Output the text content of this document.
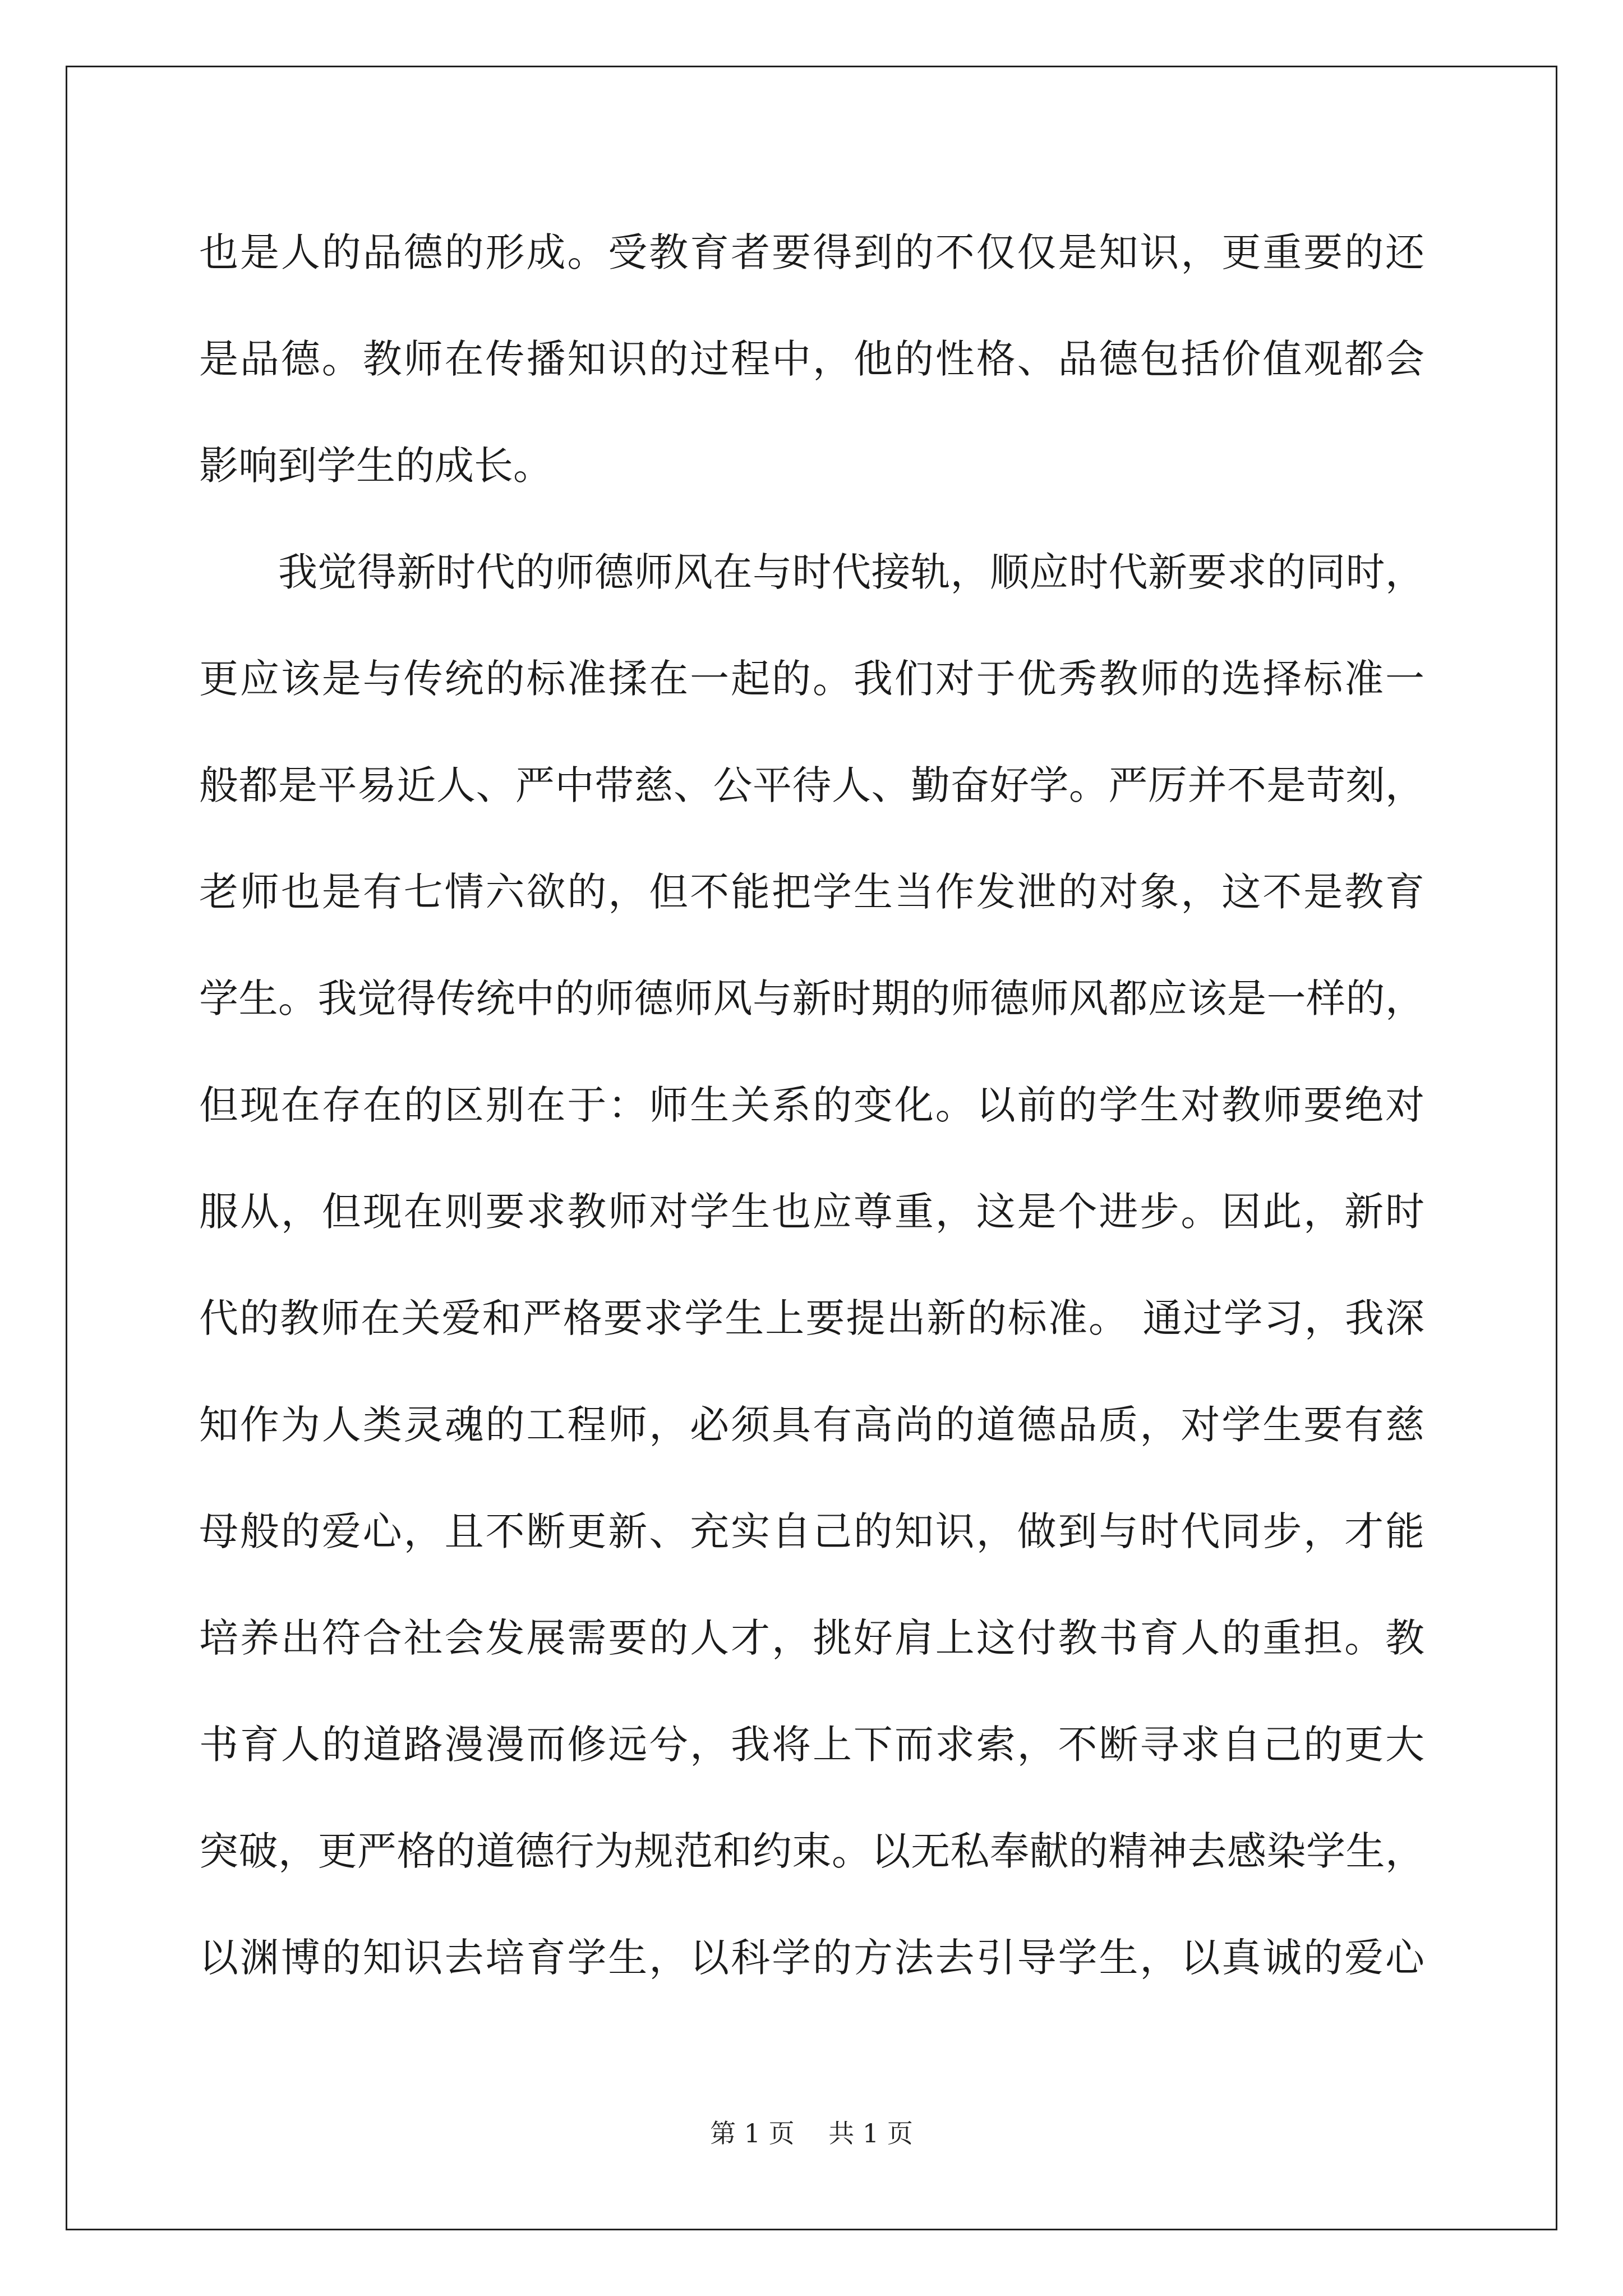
也是人的品德的形成。受教育者要得到的不仅仅是知识，更重要的还
是品德。教师在传播知识的过程中，他的性格、品德包括价值观都会
影响到学生的成长。
　　我觉得新时代的师德师风在与时代接轨，顺应时代新要求的同时，
更应该是与传统的标准揉在一起的。我们对于优秀教师的选择标准一
般都是平易近人、严中带慈、公平待人、勤奋好学。严厉并不是苛刻，
老师也是有七情六欲的，但不能把学生当作发泄的对象，这不是教育
学生。我觉得传统中的师德师风与新时期的师德师风都应该是一样的，
但现在存在的区别在于：师生关系的变化。以前的学生对教师要绝对
服从，但现在则要求教师对学生也应尊重，这是个进步。因此，新时
代的教师在关爱和严格要求学生上要提出新的标准。 通过学习，我深
知作为人类灵魂的工程师，必须具有高尚的道德品质，对学生要有慈
母般的爱心，且不断更新、充实自己的知识，做到与时代同步，才能
培养出符合社会发展需要的人才，挑好肩上这付教书育人的重担。教
书育人的道路漫漫而修远兮，我将上下而求索，不断寻求自己的更大
突破，更严格的道德行为规范和约束。以无私奉献的精神去感染学生，
以渊博的知识去培育学生，以科学的方法去引导学生，以真诚的爱心
第 1 页　 共 1 页
